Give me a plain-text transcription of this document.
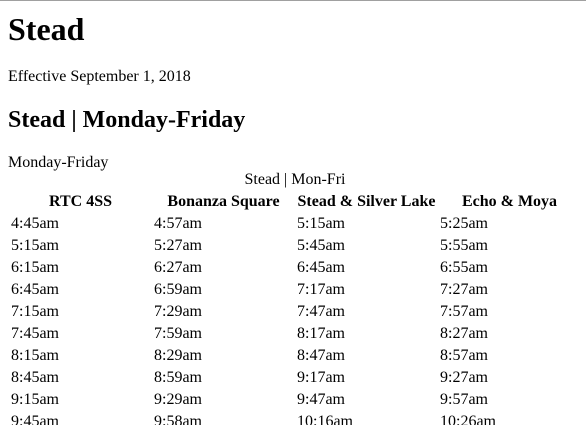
Stead
Effective September 1, 2018
Stead | Monday-Friday
Monday-Friday
Stead | Mon-Fri
RTC 4SS	Bonanza Square	Stead & Silver Lake	Echo & Moya
4:45am	4:57am	5:15am	5:25am
5:15am	5:27am	5:45am	5:55am
6:15am	6:27am	6:45am	6:55am
6:45am	6:59am	7:17am	7:27am
7:15am	7:29am	7:47am	7:57am
7:45am	7:59am	8:17am	8:27am
8:15am	8:29am	8:47am	8:57am
8:45am	8:59am	9:17am	9:27am
9:15am	9:29am	9:47am	9:57am
9:45am	9:58am	10:16am	10:26am
